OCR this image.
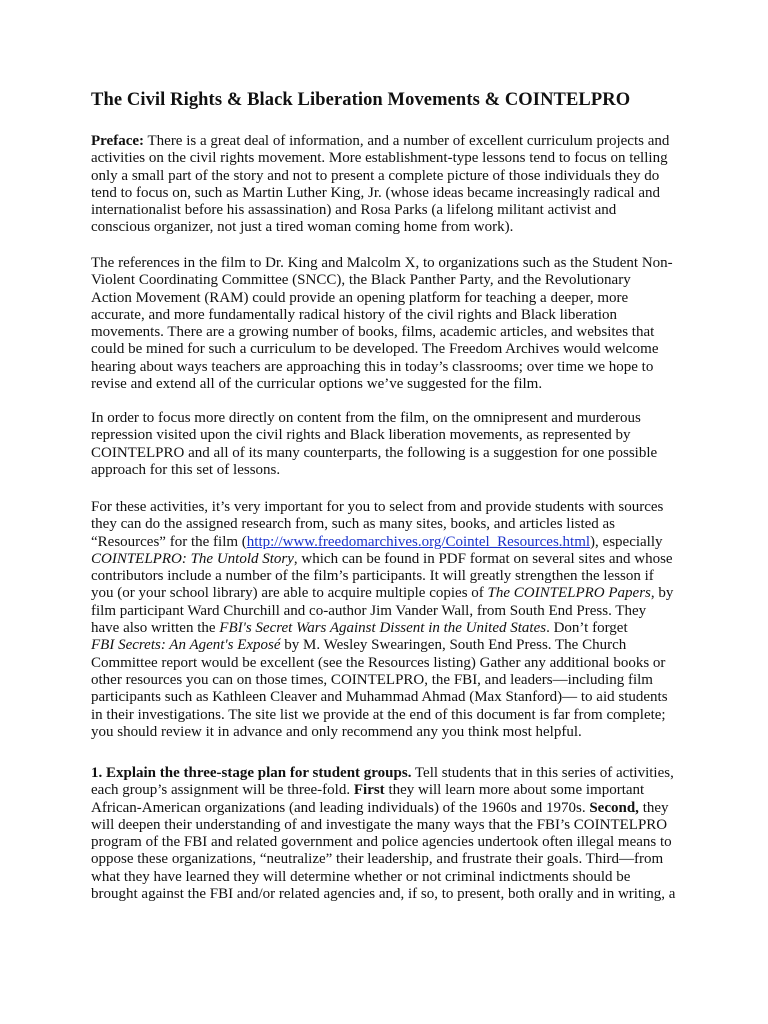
The Civil Rights & Black Liberation Movements & COINTELPRO
Preface: There is a great deal of information, and a number of excellent curriculum projects and
activities on the civil rights movement. More establishment-type lessons tend to focus on telling
only a small part of the story and not to present a complete picture of those individuals they do
tend to focus on, such as Martin Luther King, Jr. (whose ideas became increasingly radical and
internationalist before his assassination) and Rosa Parks (a lifelong militant activist and
conscious organizer, not just a tired woman coming home from work).
The references in the film to Dr. King and Malcolm X, to organizations such as the Student Non-
Violent Coordinating Committee (SNCC), the Black Panther Party, and the Revolutionary
Action Movement (RAM) could provide an opening platform for teaching a deeper, more
accurate, and more fundamentally radical history of the civil rights and Black liberation
movements. There are a growing number of books, films, academic articles, and websites that
could be mined for such a curriculum to be developed. The Freedom Archives would welcome
hearing about ways teachers are approaching this in today’s classrooms; over time we hope to
revise and extend all of the curricular options we’ve suggested for the film.
In order to focus more directly on content from the film, on the omnipresent and murderous
repression visited upon the civil rights and Black liberation movements, as represented by
COINTELPRO and all of its many counterparts, the following is a suggestion for one possible
approach for this set of lessons.
For these activities, it’s very important for you to select from and provide students with sources
they can do the assigned research from, such as many sites, books, and articles listed as
“Resources” for the film (http://www.freedomarchives.org/Cointel_Resources.html), especially
COINTELPRO: The Untold Story, which can be found in PDF format on several sites and whose
contributors include a number of the film’s participants. It will greatly strengthen the lesson if
you (or your school library) are able to acquire multiple copies of The COINTELPRO Papers, by
film participant Ward Churchill and co-author Jim Vander Wall, from South End Press. They
have also written the FBI's Secret Wars Against Dissent in the United States. Don’t forget
FBI Secrets: An Agent's Exposé by M. Wesley Swearingen, South End Press. The Church
Committee report would be excellent (see the Resources listing) Gather any additional books or
other resources you can on those times, COINTELPRO, the FBI, and leaders—including film
participants such as Kathleen Cleaver and Muhammad Ahmad (Max Stanford)— to aid students
in their investigations. The site list we provide at the end of this document is far from complete;
you should review it in advance and only recommend any you think most helpful.
1. Explain the three-stage plan for student groups. Tell students that in this series of activities,
each group’s assignment will be three-fold. First they will learn more about some important
African-American organizations (and leading individuals) of the 1960s and 1970s. Second, they
will deepen their understanding of and investigate the many ways that the FBI’s COINTELPRO
program of the FBI and related government and police agencies undertook often illegal means to
oppose these organizations, “neutralize” their leadership, and frustrate their goals. Third—from
what they have learned they will determine whether or not criminal indictments should be
brought against the FBI and/or related agencies and, if so, to present, both orally and in writing, a
